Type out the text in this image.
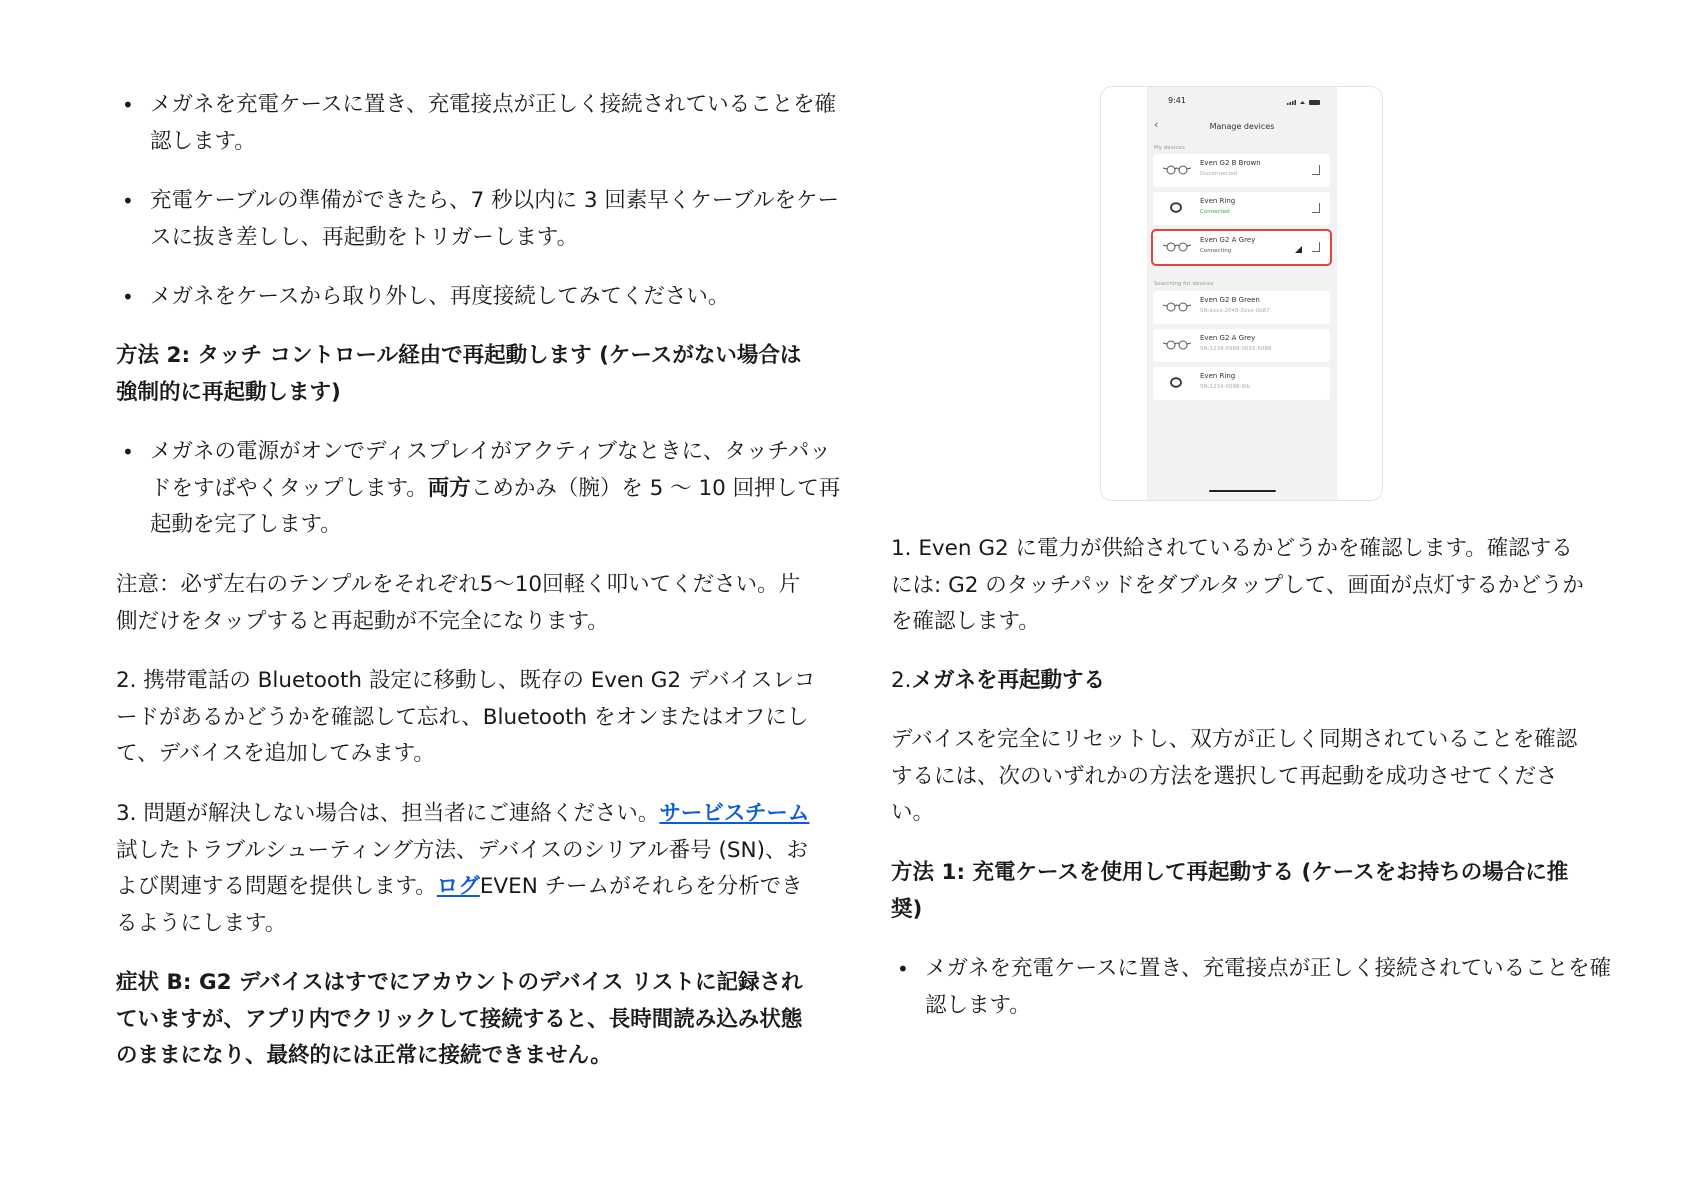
• メガネを充電ケースに置き、充電接点が正しく接続されていることを確認します。

• 充電ケーブルの準備ができたら、7 秒以内に 3 回素早くケーブルをケースに抜き差しし、再起動をトリガーします。

• メガネをケースから取り外し、再度接続してみてください。

方法 2: タッチ コントロール経由で再起動します (ケースがない場合は強制的に再起動します)

• メガネの電源がオンでディスプレイがアクティブなときに、タッチパッドをすばやくタップします。両方こめかみ（腕）を 5 〜 10 回押して再起動を完了します。

注意：必ず左右のテンプルをそれぞれ5〜10回軽く叩いてください。片側だけをタップすると再起動が不完全になります。

2. 携帯電話の Bluetooth 設定に移動し、既存の Even G2 デバイスレコードがあるかどうかを確認して忘れ、Bluetooth をオンまたはオフにして、デバイスを追加してみます。

3. 問題が解決しない場合は、担当者にご連絡ください。サービスチーム試したトラブルシューティング方法、デバイスのシリアル番号 (SN)、および関連する問題を提供します。ログEVEN チームがそれらを分析できるようにします。

症状 B: G2 デバイスはすでにアカウントのデバイス リストに記録されていますが、アプリ内でクリックして接続すると、長時間読み込み状態のままになり、最終的には正常に接続できません。

9:41
‹	Manage devices
My devices
Even G2 B Brown
Disconnected
Even Ring
Connected
Even G2 A Grey
Connecting
Searching for devices
Even G2 B Green
SN:xxxx-2048-0xxx-0b87
Even G2 A Grey
SN:1234-5988-0093-5088
Even Ring
SN:1234-0098-9lb

1. Even G2 に電力が供給されているかどうかを確認します。確認するには: G2 のタッチパッドをダブルタップして、画面が点灯するかどうかを確認します。

2.メガネを再起動する

デバイスを完全にリセットし、双方が正しく同期されていることを確認するには、次のいずれかの方法を選択して再起動を成功させてください。

方法 1: 充電ケースを使用して再起動する (ケースをお持ちの場合に推奨)

• メガネを充電ケースに置き、充電接点が正しく接続されていることを確認します。
